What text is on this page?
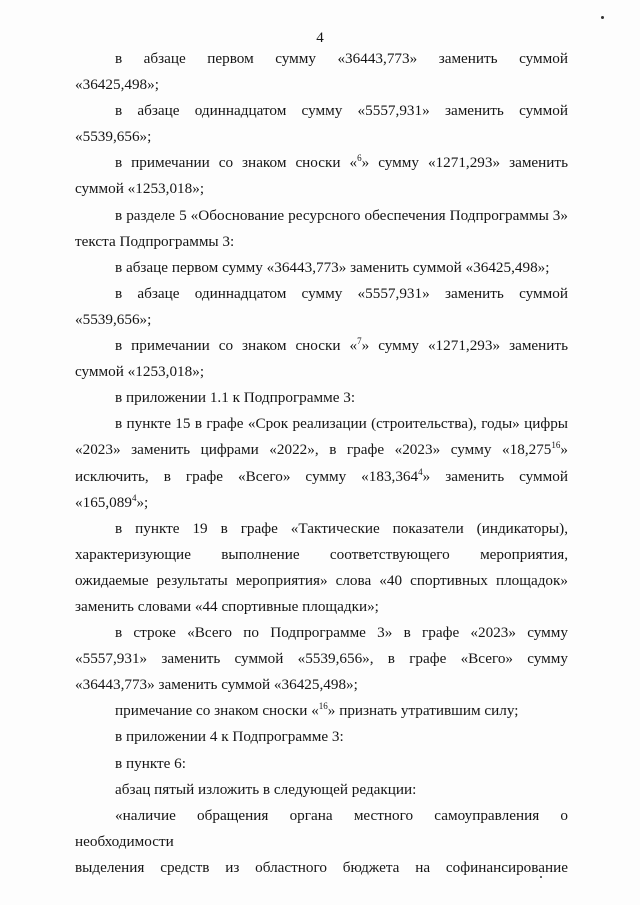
4
в абзаце первом сумму «36443,773» заменить суммой
«36425,498»;
в абзаце одиннадцатом сумму «5557,931» заменить суммой
«5539,656»;
в примечании со знаком сноски «$^6$» сумму «1271,293» заменить
суммой «1253,018»;
в разделе 5 «Обоснование ресурсного обеспечения Подпрограммы 3»
текста Подпрограммы 3:

в абзаце первом сумму «36443,773» заменить суммой «36425,498»;

в абзаце одиннадцатом сумму «5557,931» заменить суммой
«5539,656»;
в примечании со знаком сноски «$^7$» сумму «1271,293» заменить
суммой «1253,018»;

в приложении 1.1 к Подпрограмме 3:

в пункте 15 в графе «Срок реализации (строительства), годы» цифры
«2023» заменить цифрами «2022», в графе «2023» сумму «18,275$^{16}$»
исключить, в графе «Всего» сумму «183,364$^4$» заменить суммой
«165,089$^4$»;
в пункте 19 в графе «Тактические показатели (индикаторы),
характеризующие выполнение соответствующего мероприятия,
ожидаемые результаты мероприятия» слова «40 спортивных площадок»
заменить словами «44 спортивные площадки»;
в строке «Всего по Подпрограмме 3» в графе «2023» сумму
«5557,931» заменить суммой «5539,656», в графе «Всего» сумму
«36443,773» заменить суммой «36425,498»;

примечание со знаком сноски «$^{16}$» признать утратившим силу;

в приложении 4 к Подпрограмме 3:

в пункте 6:

абзац пятый изложить в следующей редакции:

«наличие обращения органа местного самоуправления о необходимости
выделения средств из областного бюджета на софинансирование
